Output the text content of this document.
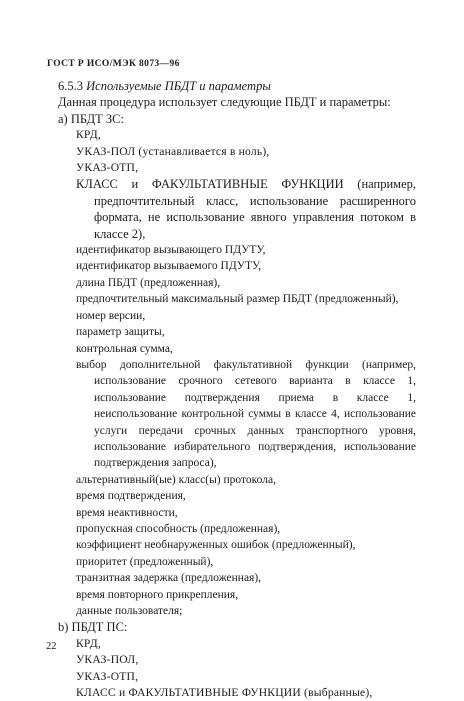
ГОСТ Р ИСО/МЭК 8073—96

6.5.3 Используемые ПБДТ и параметры

Данная процедура использует следующие ПБДТ и параметры:

а) ПБДТ ЗС:

КРД,

УКАЗ-ПОЛ (устанавливается в ноль),

УКАЗ-ОТП,

КЛАСС и ФАКУЛЬТАТИВНЫЕ ФУНКЦИИ (например, предпочтительный класс, использование расширенного формата, не использование явного управления потоком в классе 2),

идентификатор вызывающего ПДУТУ,

идентификатор вызываемого ПДУТУ,

длина ПБДТ (предложенная),

предпочтительный максимальный размер ПБДТ (предложенный),

номер версии,

параметр защиты,

контрольная сумма,

выбор дополнительной факультативной функции (например, использование срочного сетевого варианта в классе 1, использование подтверждения приема в классе 1, неиспользование контрольной суммы в классе 4, использование услуги передачи срочных данных транспортного уровня, использование избирательного подтверждения, использование подтверждения запроса),

альтернативный(ые) класс(ы) протокола,

время подтверждения,

время неактивности,

пропускная способность (предложенная),

коэффициент необнаруженных ошибок (предложенный),

приоритет (предложенный),

транзитная задержка (предложенная),

время повторного прикрепления,

данные пользователя;

b) ПБДТ ПС:

КРД,

УКАЗ-ПОЛ,

УКАЗ-ОТП,

КЛАСС и ФАКУЛЬТАТИВНЫЕ ФУНКЦИИ (выбранные),

22
